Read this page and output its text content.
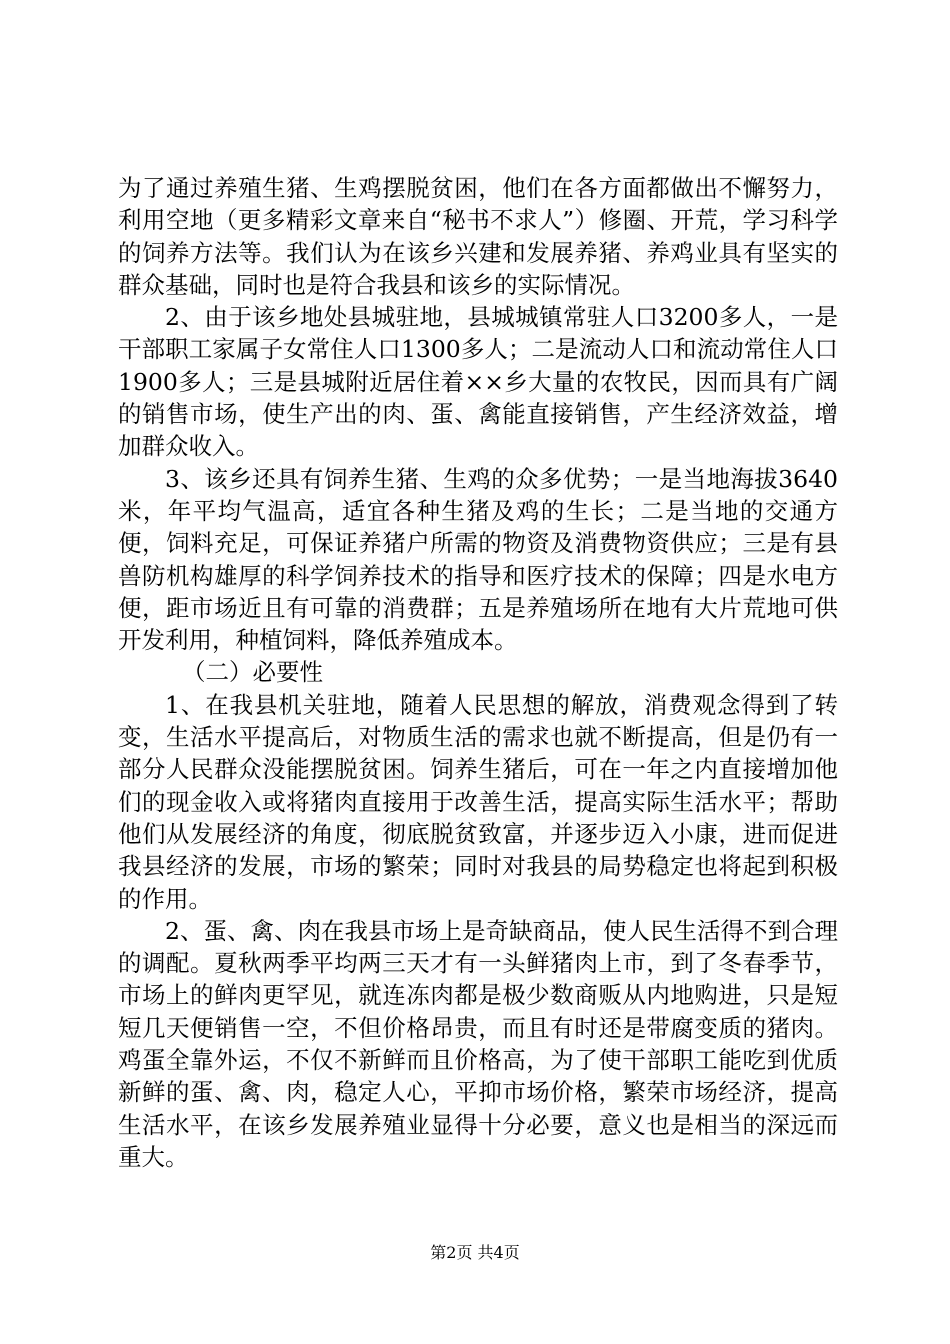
为了通过养殖生猪、生鸡摆脱贫困，他们在各方面都做出不懈努力，利用空地（更多精彩文章来自“秘书不求人”）修圈、开荒，学习科学的饲养方法等。我们认为在该乡兴建和发展养猪、养鸡业具有坚实的群众基础，同时也是符合我县和该乡的实际情况。

2、由于该乡地处县城驻地，县城城镇常驻人口3200多人，一是干部职工家属子女常住人口1300多人；二是流动人口和流动常住人口1900多人；三是县城附近居住着××乡大量的农牧民，因而具有广阔的销售市场，使生产出的肉、蛋、禽能直接销售，产生经济效益，增加群众收入。

3、该乡还具有饲养生猪、生鸡的众多优势；一是当地海拔3640米，年平均气温高，适宜各种生猪及鸡的生长；二是当地的交通方便，饲料充足，可保证养猪户所需的物资及消费物资供应；三是有县兽防机构雄厚的科学饲养技术的指导和医疗技术的保障；四是水电方便，距市场近且有可靠的消费群；五是养殖场所在地有大片荒地可供开发利用，种植饲料，降低养殖成本。

（二）必要性

1、在我县机关驻地，随着人民思想的解放，消费观念得到了转变，生活水平提高后，对物质生活的需求也就不断提高，但是仍有一部分人民群众没能摆脱贫困。饲养生猪后，可在一年之内直接增加他们的现金收入或将猪肉直接用于改善生活，提高实际生活水平；帮助他们从发展经济的角度，彻底脱贫致富，并逐步迈入小康，进而促进我县经济的发展，市场的繁荣；同时对我县的局势稳定也将起到积极的作用。

2、蛋、禽、肉在我县市场上是奇缺商品，使人民生活得不到合理的调配。夏秋两季平均两三天才有一头鲜猪肉上市，到了冬春季节，市场上的鲜肉更罕见，就连冻肉都是极少数商贩从内地购进，只是短短几天便销售一空，不但价格昂贵，而且有时还是带腐变质的猪肉。鸡蛋全靠外运，不仅不新鲜而且价格高，为了使干部职工能吃到优质新鲜的蛋、禽、肉，稳定人心，平抑市场价格，繁荣市场经济，提高生活水平，在该乡发展养殖业显得十分必要，意义也是相当的深远而重大。

第2页 共4页
